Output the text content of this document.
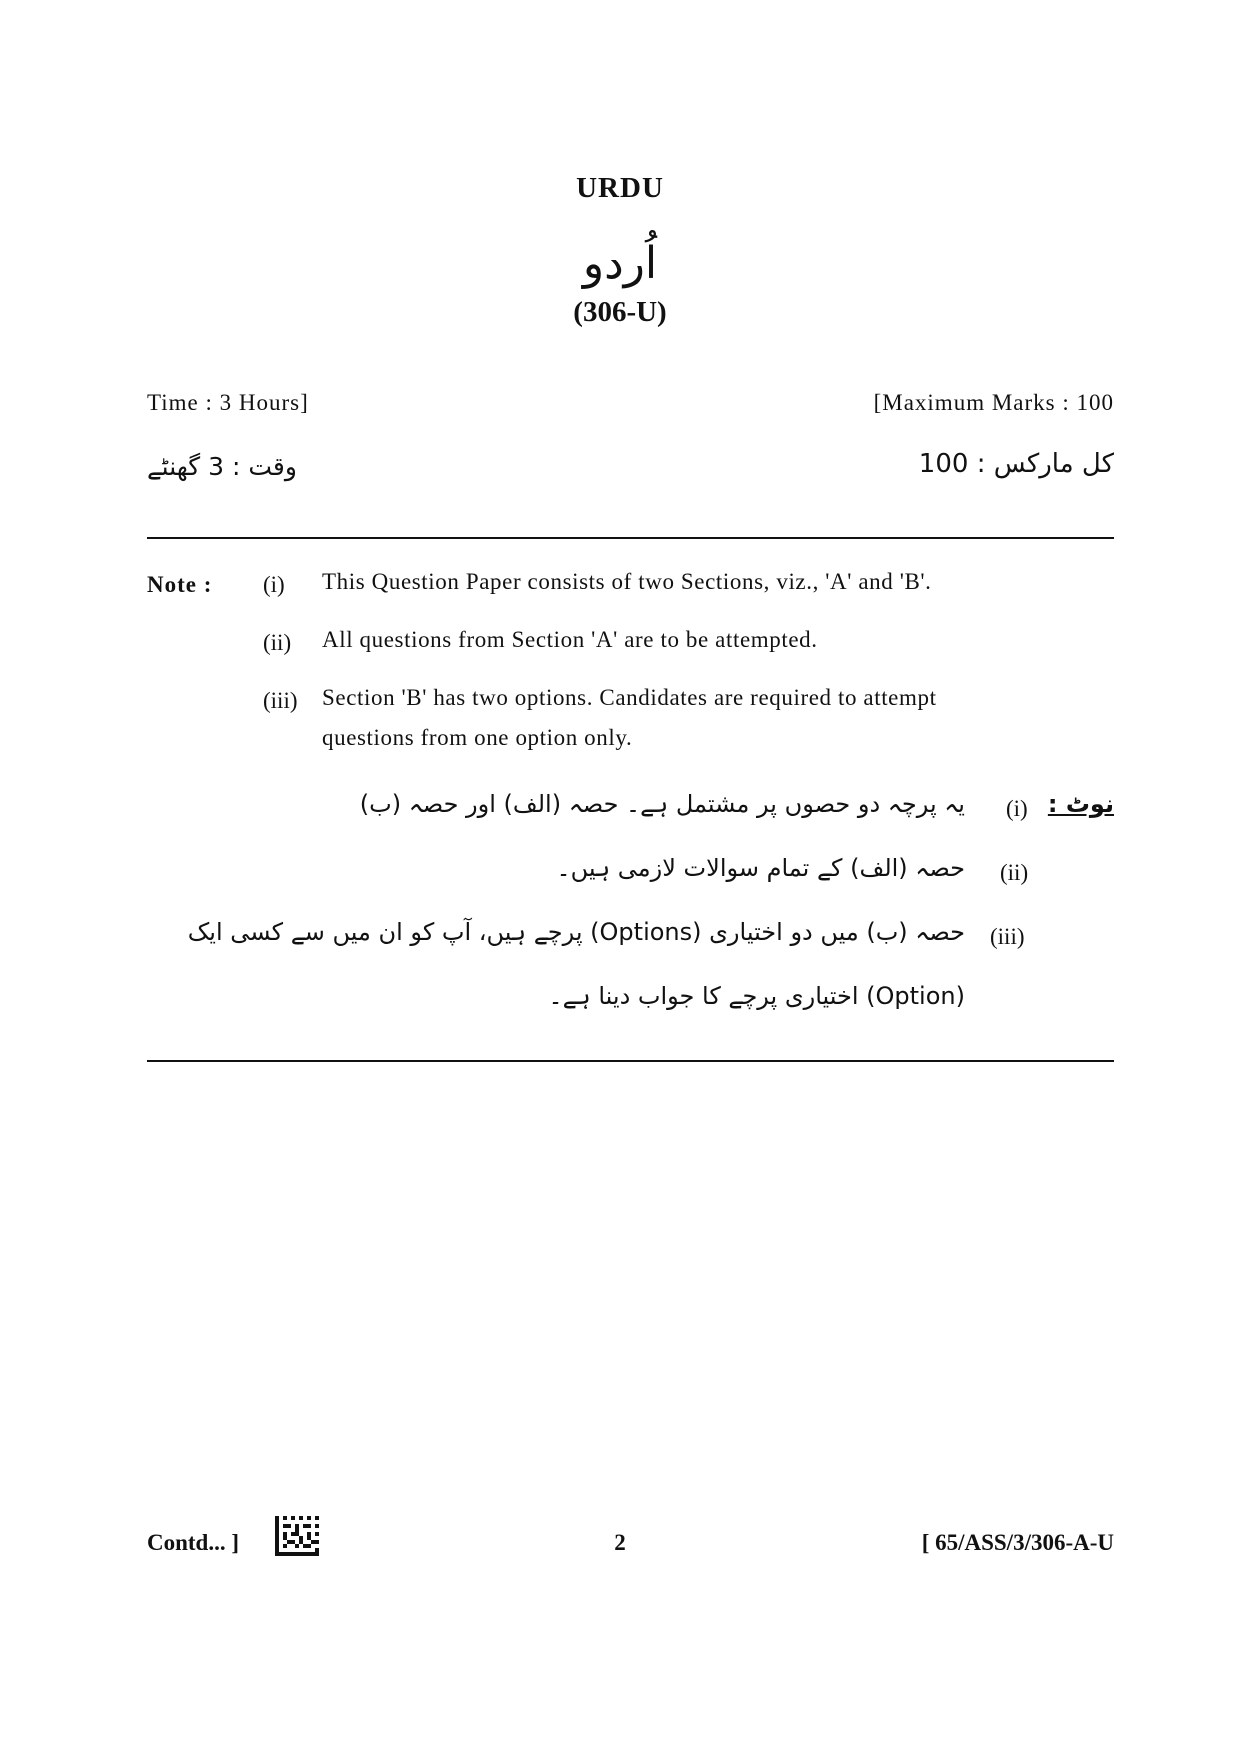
URDU
اُردو
(306-U)
Time : 3 Hours]	[Maximum Marks : 100
وقت : 3 گھنٹے	کل مارکس : 100
Note : (i) This Question Paper consists of two Sections, viz., 'A' and 'B'.
(ii) All questions from Section 'A' are to be attempted.
(iii) Section 'B' has two options. Candidates are required to attempt
questions from one option only.
نوٹ :
(i)
یہ پرچہ دو حصوں پر مشتمل ہے۔ حصہ (الف) اور حصہ (ب)
(ii)
حصہ (الف) کے تمام سوالات لازمی ہیں۔
(iii)
حصہ (ب) میں دو اختیاری (Options) پرچے ہیں، آپ کو ان میں سے کسی ایک
(Option) اختیاری پرچے کا جواب دینا ہے۔
Contd... ]	2	[ 65/ASS/3/306-A-U
